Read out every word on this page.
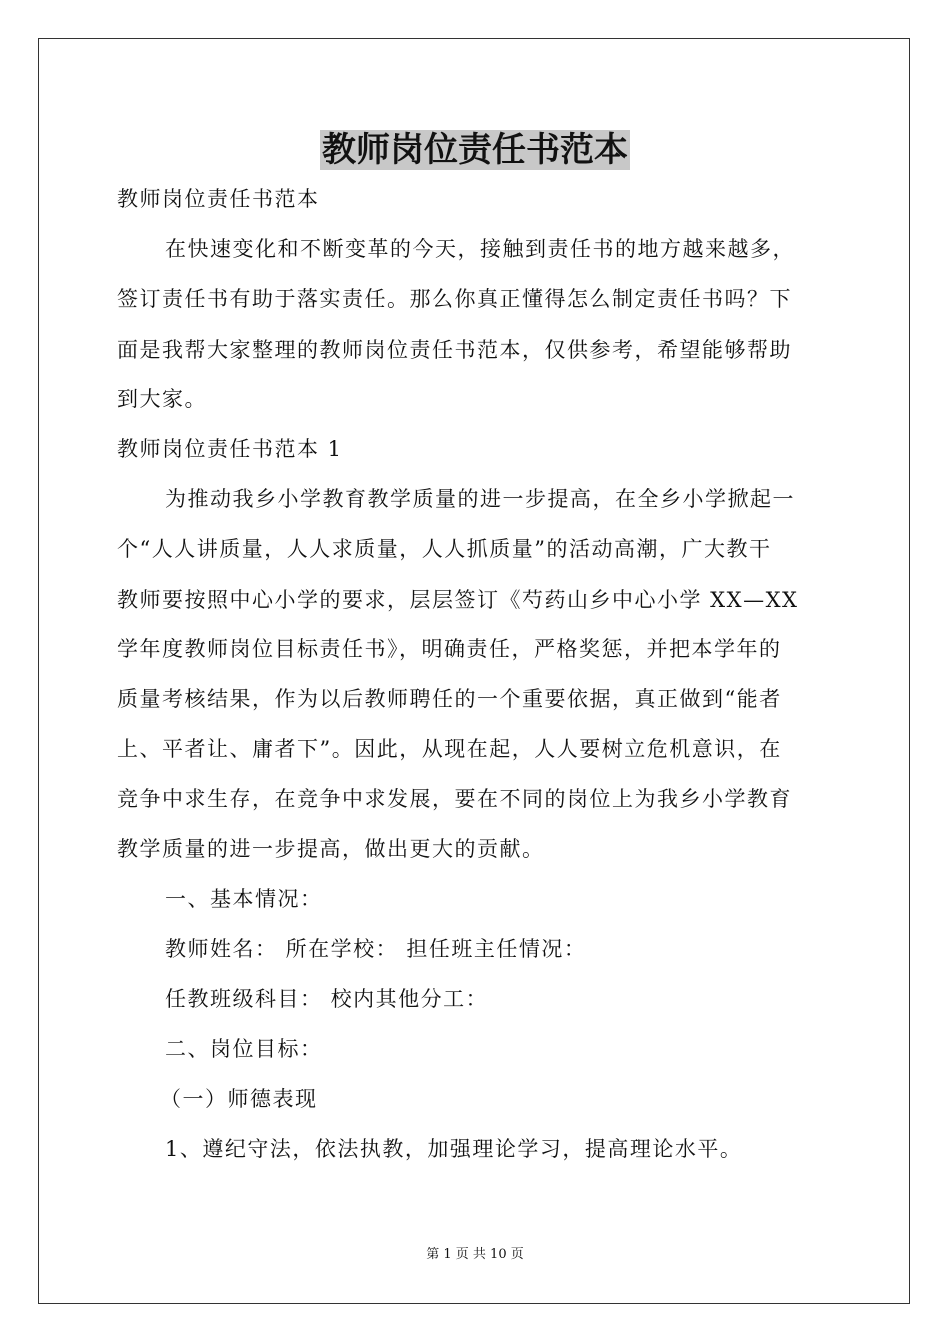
教师岗位责任书范本

教师岗位责任书范本

在快速变化和不断变革的今天，接触到责任书的地方越来越多，

签订责任书有助于落实责任。那么你真正懂得怎么制定责任书吗？下

面是我帮大家整理的教师岗位责任书范本，仅供参考，希望能够帮助

到大家。

教师岗位责任书范本 1

为推动我乡小学教育教学质量的进一步提高，在全乡小学掀起一

个“人人讲质量，人人求质量，人人抓质量”的活动高潮，广大教干

教师要按照中心小学的要求，层层签订《芍药山乡中心小学 XX—XX

学年度教师岗位目标责任书》，明确责任，严格奖惩，并把本学年的

质量考核结果，作为以后教师聘任的一个重要依据，真正做到“能者

上、平者让、庸者下”。因此，从现在起，人人要树立危机意识，在

竞争中求生存，在竞争中求发展，要在不同的岗位上为我乡小学教育

教学质量的进一步提高，做出更大的贡献。

一、基本情况：

教师姓名： 所在学校： 担任班主任情况：

任教班级科目： 校内其他分工：

二、岗位目标：

（一）师德表现

1、遵纪守法，依法执教，加强理论学习，提高理论水平。

第 1 页 共 10 页
